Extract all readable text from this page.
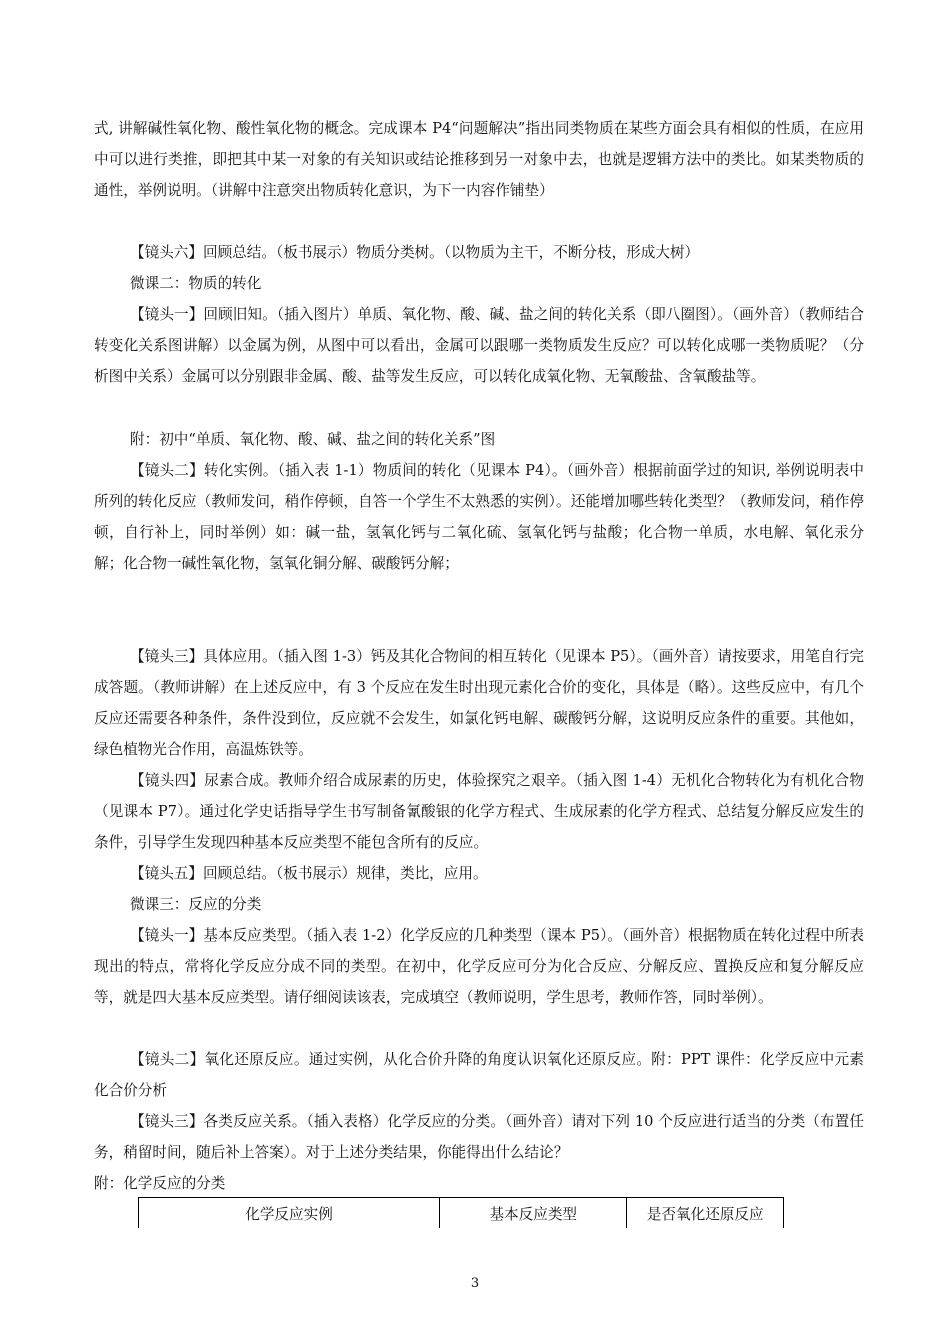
式, 讲解碱性氧化物、酸性氧化物的概念。完成课本 P4“问题解决”指出同类物质在某些方面会具有相似的性质，在应用中可以进行类推，即把其中某一对象的有关知识或结论推移到另一对象中去，也就是逻辑方法中的类比。如某类物质的通性，举例说明。（讲解中注意突出物质转化意识，为下一内容作铺垫）

【镜头六】回顾总结。（板书展示）物质分类树。（以物质为主干，不断分枝，形成大树）

微课二：物质的转化

【镜头一】回顾旧知。（插入图片）单质、氧化物、酸、碱、盐之间的转化关系（即八圈图）。（画外音）（教师结合转变化关系图讲解）以金属为例，从图中可以看出，金属可以跟哪一类物质发生反应？可以转化成哪一类物质呢？（分析图中关系）金属可以分别跟非金属、酸、盐等发生反应，可以转化成氧化物、无氧酸盐、含氧酸盐等。

附：初中“单质、氧化物、酸、碱、盐之间的转化关系”图

【镜头二】转化实例。（插入表 1-1）物质间的转化（见课本 P4）。（画外音）根据前面学过的知识, 举例说明表中所列的转化反应（教师发问，稍作停顿，自答一个学生不太熟悉的实例）。还能增加哪些转化类型？（教师发问，稍作停顿，自行补上，同时举例）如：碱一盐，氢氧化钙与二氧化硫、氢氧化钙与盐酸；化合物一单质，水电解、氧化汞分解；化合物一碱性氧化物，氢氧化铜分解、碳酸钙分解；

【镜头三】具体应用。（插入图 1-3）钙及其化合物间的相互转化（见课本 P5）。（画外音）请按要求，用笔自行完成答题。（教师讲解）在上述反应中，有 3 个反应在发生时出现元素化合价的变化，具体是（略）。这些反应中，有几个反应还需要各种条件，条件没到位，反应就不会发生，如氯化钙电解、碳酸钙分解，这说明反应条件的重要。其他如，绿色植物光合作用，高温炼铁等。

【镜头四】尿素合成。教师介绍合成尿素的历史，体验探究之艰辛。（插入图 1-4）无机化合物转化为有机化合物（见课本 P7）。通过化学史话指导学生书写制备氰酸银的化学方程式、生成尿素的化学方程式、总结复分解反应发生的条件，引导学生发现四种基本反应类型不能包含所有的反应。

【镜头五】回顾总结。（板书展示）规律，类比，应用。

微课三：反应的分类

【镜头一】基本反应类型。（插入表 1-2）化学反应的几种类型（课本 P5）。（画外音）根据物质在转化过程中所表现出的特点，常将化学反应分成不同的类型。在初中，化学反应可分为化合反应、分解反应、置换反应和复分解反应等，就是四大基本反应类型。请仔细阅读该表，完成填空（教师说明，学生思考，教师作答，同时举例）。

【镜头二】氧化还原反应。通过实例，从化合价升降的角度认识氧化还原反应。附：PPT 课件：化学反应中元素化合价分析

【镜头三】各类反应关系。（插入表格）化学反应的分类。（画外音）请对下列 10 个反应进行适当的分类（布置任务，稍留时间，随后补上答案）。对于上述分类结果，你能得出什么结论？

附：化学反应的分类

化学反应实例	基本反应类型	是否氧化还原反应
3
